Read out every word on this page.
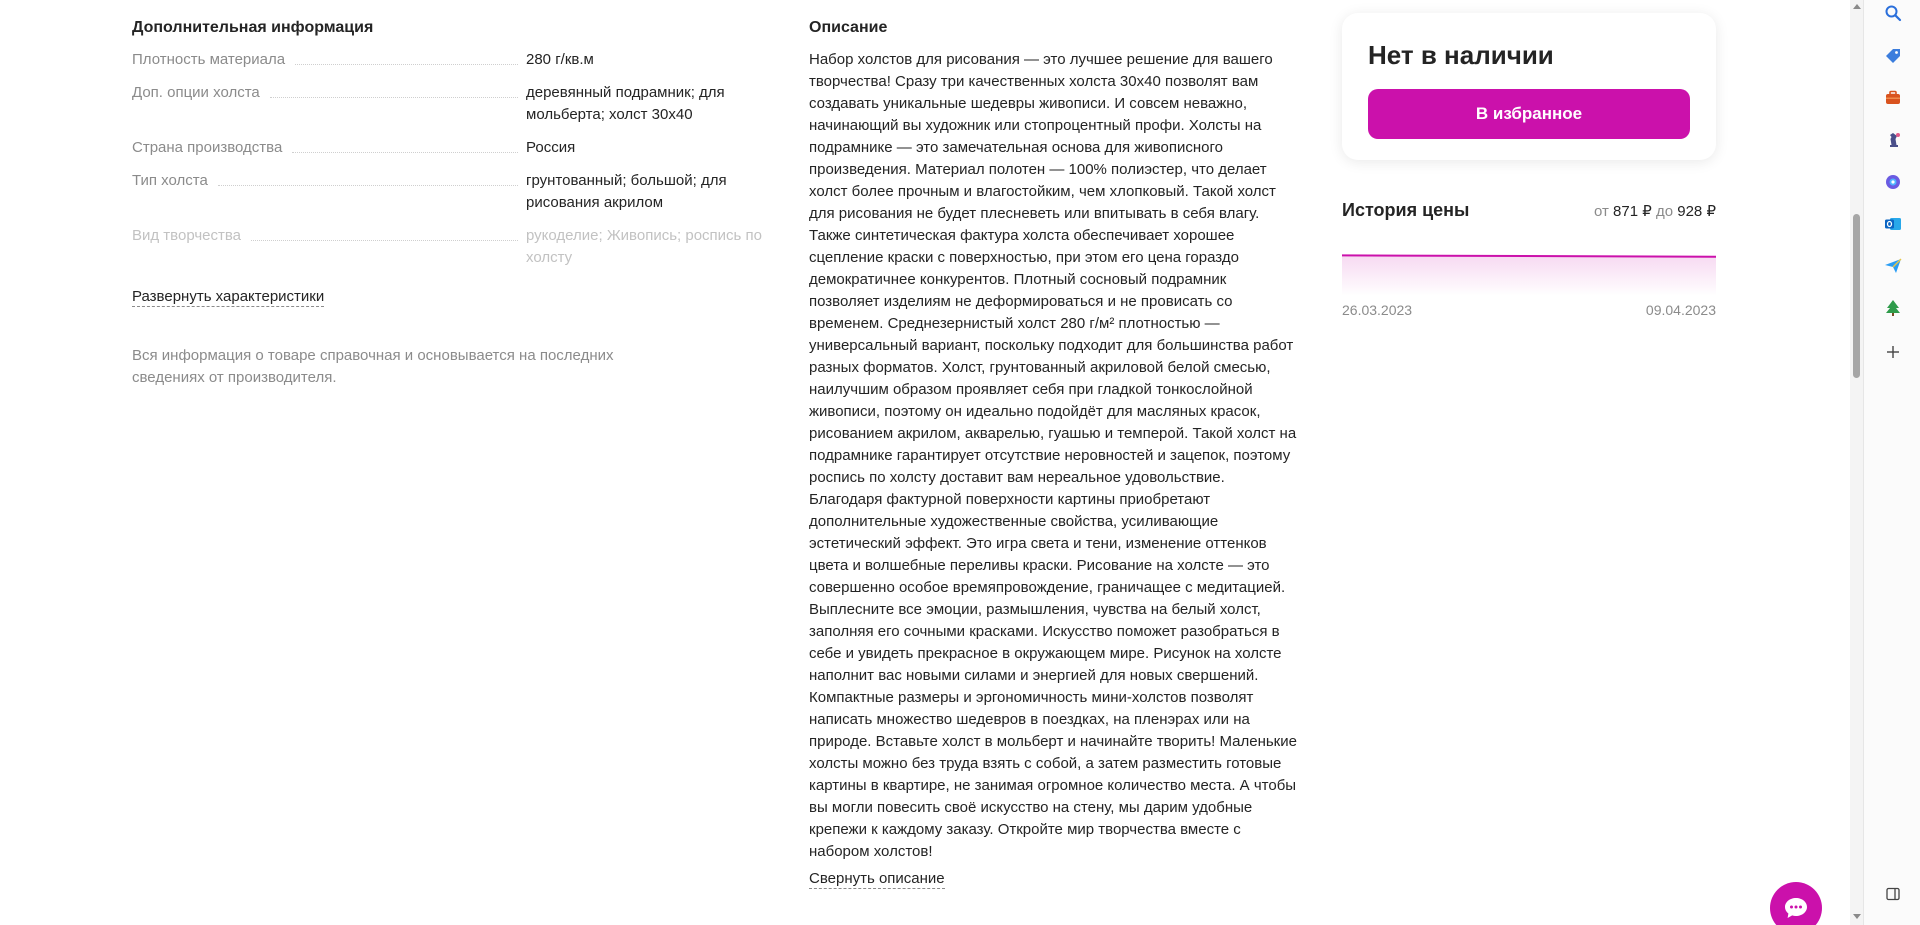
Дополнительная информация
Плотность материала	280 г/кв.м
Доп. опции холста	деревянный подрамник; для мольберта; холст 30х40
Страна производства	Россия
Тип холста	грунтованный; большой; для рисования акрилом
Вид творчества	рукоделие; Живопись; роспись по холсту
Развернуть характеристики
Вся информация о товаре справочная и основывается на последних сведениях от производителя.
Описание
Набор холстов для рисования — это лучшее решение для вашего творчества! Сразу три качественных холста 30х40 позволят вам создавать уникальные шедевры живописи. И совсем неважно, начинающий вы художник или стопроцентный профи. Холсты на подрамнике — это замечательная основа для живописного произведения. Материал полотен — 100% полиэстер, что делает холст более прочным и влагостойким, чем хлопковый. Такой холст для рисования не будет плесневеть или впитывать в себя влагу. Также синтетическая фактура холста обеспечивает хорошее сцепление краски с поверхностью, при этом его цена гораздо демократичнее конкурентов. Плотный сосновый подрамник позволяет изделиям не деформироваться и не провисать со временем. Среднезернистый холст 280 г/м² плотностью — универсальный вариант, поскольку подходит для большинства работ разных форматов. Холст, грунтованный акриловой белой смесью, наилучшим образом проявляет себя при гладкой тонкослойной живописи, поэтому он идеально подойдёт для масляных красок, рисованием акрилом, акварелью, гуашью и темперой. Такой холст на подрамнике гарантирует отсутствие неровностей и зацепок, поэтому роспись по холсту доставит вам нереальное удовольствие. Благодаря фактурной поверхности картины приобретают дополнительные художественные свойства, усиливающие эстетический эффект. Это игра света и тени, изменение оттенков цвета и волшебные переливы краски. Рисование на холсте — это совершенно особое времяпровождение, граничащее с медитацией. Выплесните все эмоции, размышления, чувства на белый холст, заполняя его сочными красками. Искусство поможет разобраться в себе и увидеть прекрасное в окружающем мире. Рисунок на холсте наполнит вас новыми силами и энергией для новых свершений. Компактные размеры и эргономичность мини-холстов позволят написать множество шедевров в поездках, на пленэрах или на природе. Вставьте холст в мольберт и начинайте творить! Маленькие холсты можно без труда взять с собой, а затем разместить готовые картины в квартире, не занимая огромное количество места. А чтобы вы могли повесить своё искусство на стену, мы дарим удобные крепежи к каждому заказу. Откройте мир творчества вместе с набором холстов!
Свернуть описание
Нет в наличии
В избранное
История цены	от 871 ₽ до 928 ₽
26.03.2023	09.04.2023
